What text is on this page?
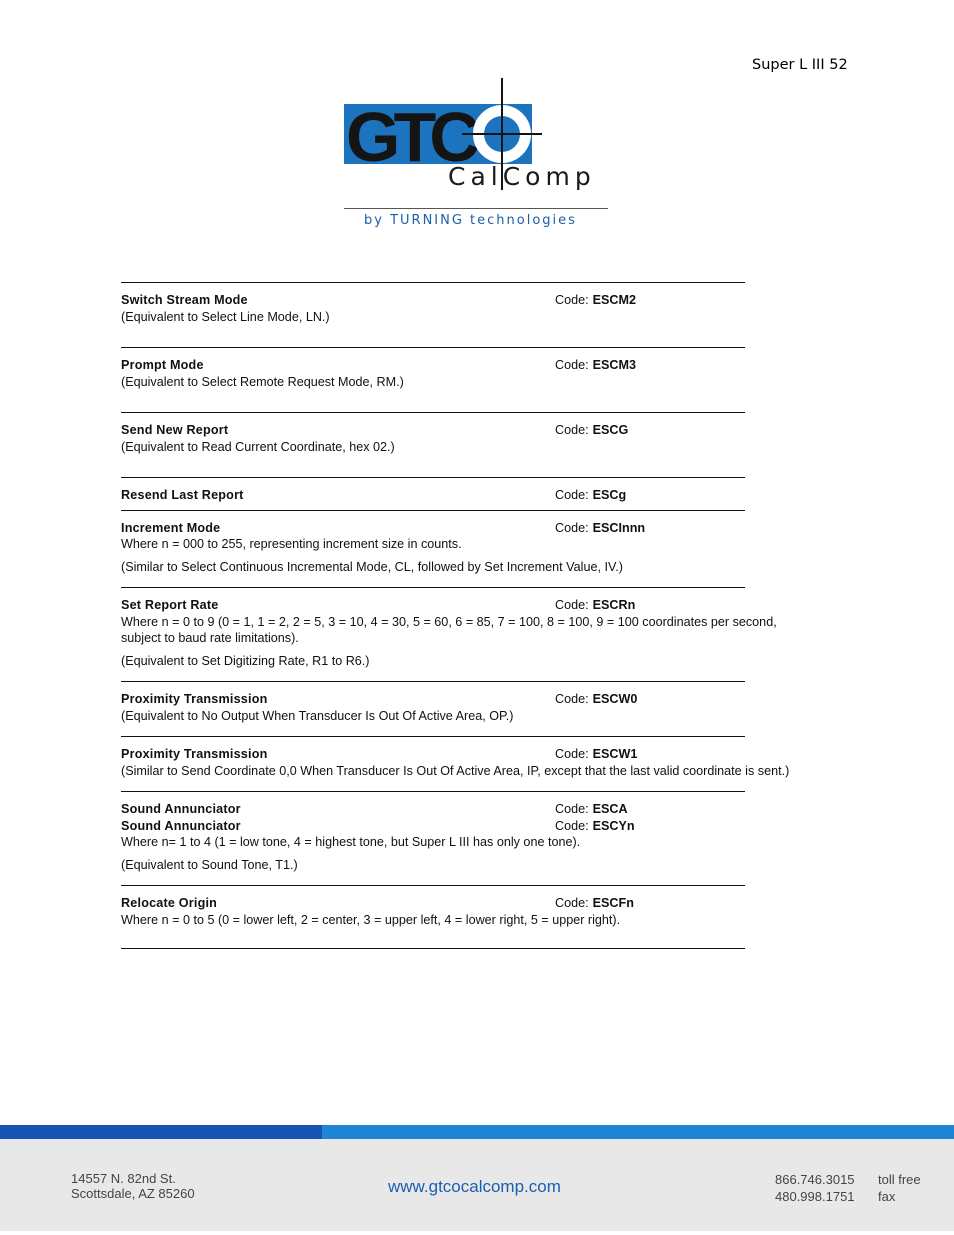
Super L III 52
GTC
CalComp
by TURNING technologies
Switch Stream Mode	Code: ESCM2
(Equivalent to Select Line Mode, LN.)
Prompt Mode	Code: ESCM3
(Equivalent to Select Remote Request Mode, RM.)
Send New Report	Code: ESCG
(Equivalent to Read Current Coordinate, hex 02.)
Resend Last Report	Code: ESCg
Increment Mode	Code: ESCInnn
Where n = 000 to 255, representing increment size in counts.
(Similar to Select Continuous Incremental Mode, CL, followed by Set Increment Value, IV.)
Set Report Rate	Code: ESCRn
Where n = 0 to 9 (0 = 1, 1 = 2, 2 = 5, 3 = 10, 4 = 30, 5 = 60, 6 = 85, 7 = 100, 8 = 100, 9 = 100 coordinates per second, subject to baud rate limitations).
(Equivalent to Set Digitizing Rate, R1 to R6.)
Proximity Transmission	Code: ESCW0
(Equivalent to No Output When Transducer Is Out Of Active Area, OP.)
Proximity Transmission	Code: ESCW1
(Similar to Send Coordinate 0,0 When Transducer Is Out Of Active Area, IP, except that the last valid coordinate is sent.)
Sound Annunciator	Code: ESCA
Sound Annunciator	Code: ESCYn
Where n= 1 to 4 (1 = low tone, 4 = highest tone, but Super L III has only one tone).
(Equivalent to Sound Tone, T1.)
Relocate Origin	Code: ESCFn
Where n = 0 to 5 (0 = lower left, 2 = center, 3 = upper left, 4 = lower right, 5 = upper right).
14557 N. 82nd St.
Scottsdale, AZ 85260	www.gtcocalcomp.com	866.746.3015 toll free
480.998.1751 fax
